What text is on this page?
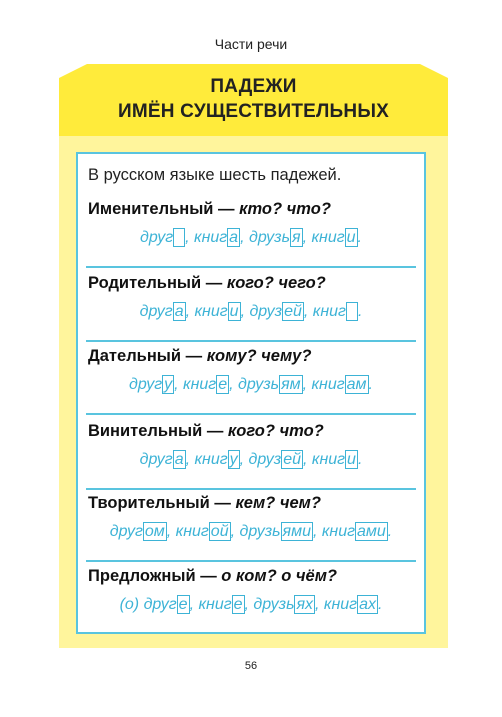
Части речи
ПАДЕЖИ
ИМЁН СУЩЕСТВИТЕЛЬНЫХ
В русском языке шесть падежей.
Именительный — кто? что?
друг , книг а , друзь я , книг и .
Родительный — кого? чего?
друг а , книг и , друз ей , книг .
Дательный — кому? чему?
друг у , книг е , друзь ям , книг ам .
Винительный — кого? что?
друг а , книг у , друз ей , книг и .
Творительный — кем? чем?
друг ом , книг ой , друзь ями , книг ами .
Предложный — о ком? о чём?
(о) друг е , книг е , друзь ях , книг ах .
56
